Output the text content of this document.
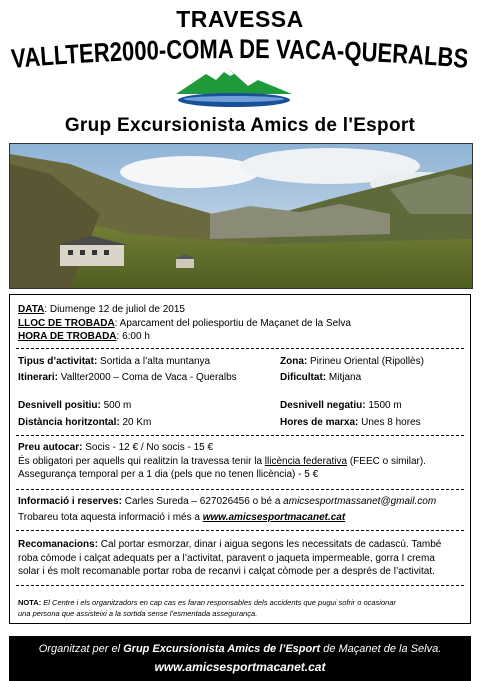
TRAVESSA
VALLTER2000-COMA DE VACA-QUERALBS
Grup Excursionista Amics de l'Esport
DATA: Diumenge 12 de juliol de 2015
LLOC DE TROBADA: Aparcament del poliesportiu de Maçanet de la Selva
HORA DE TROBADA: 6:00 h
Tipus d’activitat: Sortida a l’alta muntanya	Zona: Pirineu Oriental (Ripollès)
Itinerari: Vallter2000 – Coma de Vaca - Queralbs	Dificultat: Mitjana
Desnivell positiu: 500 m	Desnivell negatiu: 1500 m
Distància horitzontal: 20 Km	Hores de marxa: Unes 8 hores
Preu autocar: Socis - 12 € / No socis - 15 €
És obligatori per aquells qui realitzin la travessa tenir la llicència federativa (FEEC o similar).
Assegurança temporal per a 1 dia (pels que no tenen llicència) - 5 €
Informació i reserves: Carles Sureda – 627026456 o bé a amicsesportmassanet@gmail.com
Trobareu tota aquesta informació i més a www.amicsesportmacanet.cat
Recomanacions: Cal portar esmorzar, dinar i aigua segons les necessitats de cadascú. També
roba còmode i calçat adequats per a l’activitat, paravent o jaqueta impermeable, gorra I crema
solar i és molt recomanable portar roba de recanvi i calçat còmode per a després de l’activitat.
NOTA: El Centre i els organitzadors en cap cas es faran responsables dels accidents que pugui sofrir o ocasionar
una persona que assisteixi a la sortida sense l’esmentada assegurança.
Organitzat per el Grup Excursionista Amics de l’Esport de Maçanet de la Selva.
www.amicsesportmacanet.cat
